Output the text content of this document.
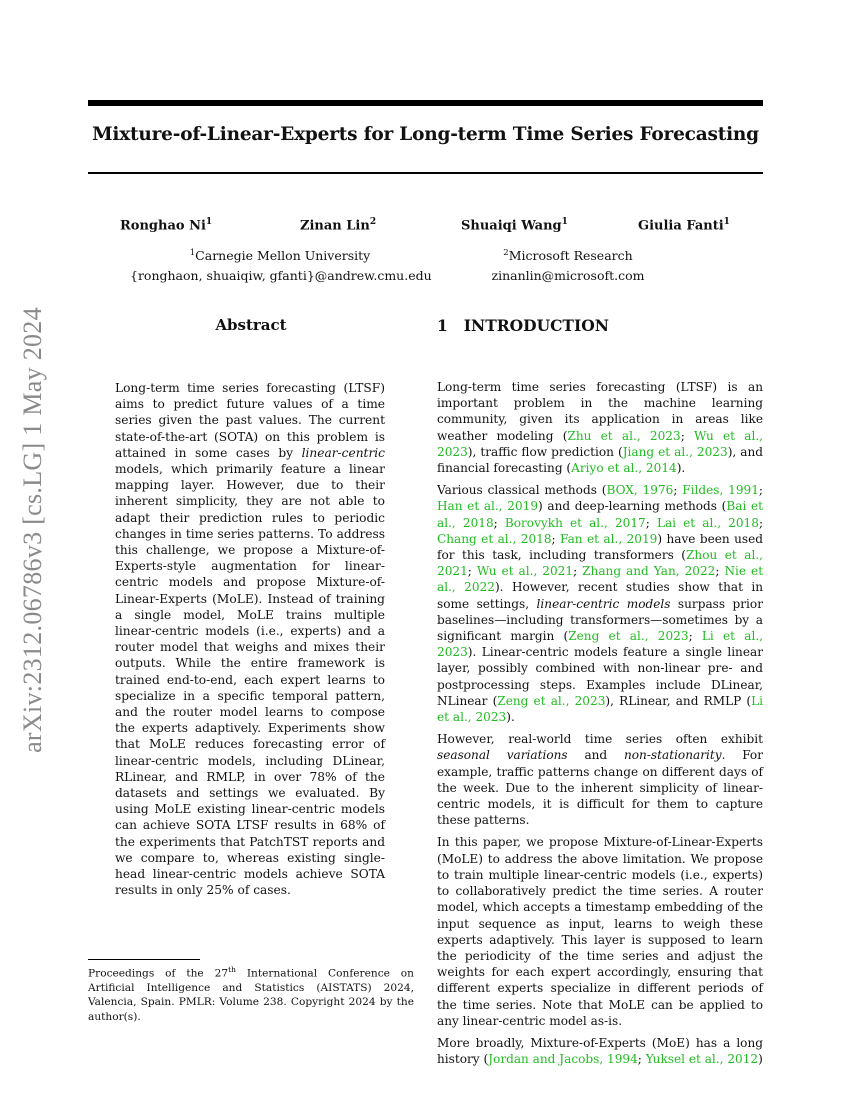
arXiv:2312.06786v3 [cs.LG] 1 May 2024
Mixture-of-Linear-Experts for Long-term Time Series Forecasting
Ronghao Ni$^1$	Zinan Lin$^2$	Shuaiqi Wang$^1$	Giulia Fanti$^1$
$^1$Carnegie Mellon University
{ronghaon, shuaiqiw, gfanti}@andrew.cmu.edu
$^2$Microsoft Research
zinanlin@microsoft.com
Abstract

Long-term time series forecasting (LTSF) aims to predict future values of a time series given the past values. The current state-of-the-art (SOTA) on this problem is attained in some cases by linear-centric models, which primarily feature a linear mapping layer. However, due to their inherent simplicity, they are not able to adapt their prediction rules to periodic changes in time series patterns. To address this challenge, we propose a Mixture-of-Experts-style augmentation for linear-centric models and propose Mixture-of-Linear-Experts (MoLE). Instead of training a single model, MoLE trains multiple linear-centric models (i.e., experts) and a router model that weighs and mixes their outputs. While the entire framework is trained end-to-end, each expert learns to specialize in a specific temporal pattern, and the router model learns to compose the experts adaptively. Experiments show that MoLE reduces forecasting error of linear-centric models, including DLinear, RLinear, and RMLP, in over 78% of the datasets and settings we evaluated. By using MoLE existing linear-centric models can achieve SOTA LTSF results in 68% of the experiments that PatchTST reports and we compare to, whereas existing single-head linear-centric models achieve SOTA results in only 25% of cases.

Proceedings of the 27th International Conference on Artificial Intelligence and Statistics (AISTATS) 2024, Valencia, Spain. PMLR: Volume 238. Copyright 2024 by the author(s).

1 INTRODUCTION

Long-term time series forecasting (LTSF) is an important problem in the machine learning community, given its application in areas like weather modeling (Zhu et al., 2023; Wu et al., 2023), traffic flow prediction (Jiang et al., 2023), and financial forecasting (Ariyo et al., 2014).

Various classical methods (BOX, 1976; Fildes, 1991; Han et al., 2019) and deep-learning methods (Bai et al., 2018; Borovykh et al., 2017; Lai et al., 2018; Chang et al., 2018; Fan et al., 2019) have been used for this task, including transformers (Zhou et al., 2021; Wu et al., 2021; Zhang and Yan, 2022; Nie et al., 2022). However, recent studies show that in some settings, linear-centric models surpass prior baselines—including transformers—sometimes by a significant margin (Zeng et al., 2023; Li et al., 2023). Linear-centric models feature a single linear layer, possibly combined with non-linear pre- and postprocessing steps. Examples include DLinear, NLinear (Zeng et al., 2023), RLinear, and RMLP (Li et al., 2023).

However, real-world time series often exhibit seasonal variations and non-stationarity. For example, traffic patterns change on different days of the week. Due to the inherent simplicity of linear-centric models, it is difficult for them to capture these patterns.

In this paper, we propose Mixture-of-Linear-Experts (MoLE) to address the above limitation. We propose to train multiple linear-centric models (i.e., experts) to collaboratively predict the time series. A router model, which accepts a timestamp embedding of the input sequence as input, learns to weigh these experts adaptively. This layer is supposed to learn the periodicity of the time series and adjust the weights for each expert accordingly, ensuring that different experts specialize in different periods of the time series. Note that MoLE can be applied to any linear-centric model as-is.

More broadly, Mixture-of-Experts (MoE) has a long history (Jordan and Jacobs, 1994; Yuksel et al., 2012)
